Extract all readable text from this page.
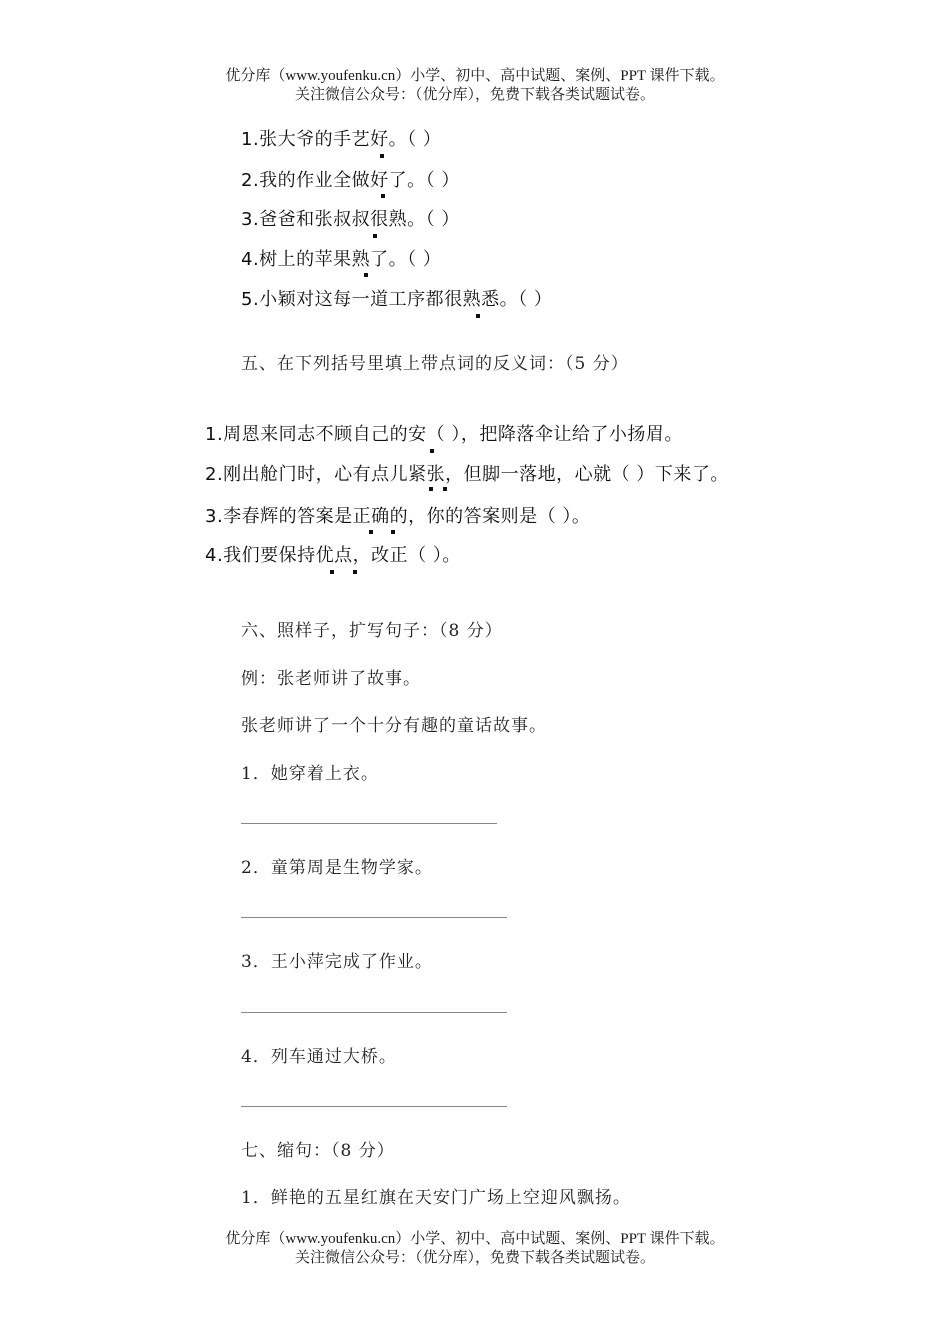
优分库（www.youfenku.cn）小学、初中、高中试题、案例、PPT 课件下载。
关注微信公众号：（优分库），免费下载各类试题试卷。
1.张大爷的手艺好。（ ）
2.我的作业全做好了。（ ）
3.爸爸和张叔叔很熟。（ ）
4.树上的苹果熟了。（ ）
5.小颖对这每一道工序都很熟悉。（ ）
五、在下列括号里填上带点词的反义词：（5 分）
1.周恩来同志不顾自己的安（ ），把降落伞让给了小扬眉。
2.刚出舱门时，心有点儿紧张，但脚一落地，心就（ ）下来了。
3.李春辉的答案是正确的，你的答案则是（ ）。
4.我们要保持优点，改正（ ）。
六、照样子，扩写句子：（8 分）
例：张老师讲了故事。
张老师讲了一个十分有趣的童话故事。
1．她穿着上衣。
2．童第周是生物学家。
3．王小萍完成了作业。
4．列车通过大桥。
七、缩句：（8 分）
1．鲜艳的五星红旗在天安门广场上空迎风飘扬。
优分库（www.youfenku.cn）小学、初中、高中试题、案例、PPT 课件下载。
关注微信公众号：（优分库），免费下载各类试题试卷。
